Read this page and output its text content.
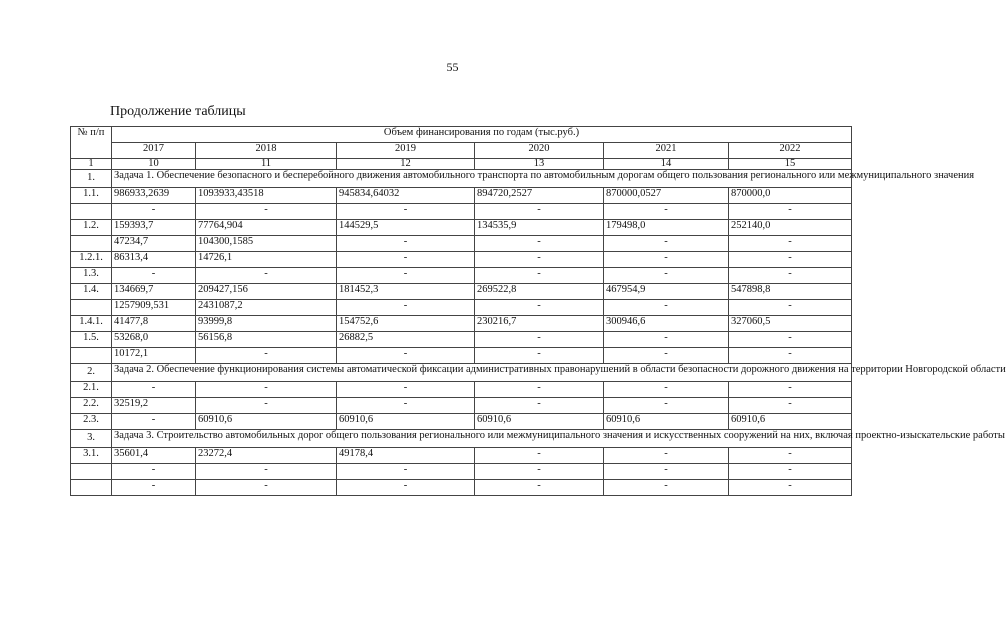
55
Продолжение таблицы
№ п/п	Объем финансирования по годам (тыс.руб.)					
	2017	2018	2019	2020	2021	2022
1	10	11	12	13	14	15
1.	Задача 1. Обеспечение безопасного и бесперебойного движения автомобильного транспорта по автомобильным дорогам общего пользования регионального или межмуниципального значения					
1.1.	986933,2639	1093933,43518	945834,64032	894720,2527	870000,0527	870000,0
	-	-	-	-	-	-
1.2.	159393,7	77764,904	144529,5	134535,9	179498,0	252140,0
	47234,7	104300,1585	-	-	-	-
1.2.1.	86313,4	14726,1	-	-	-	-
1.3.	-	-	-	-	-	-
1.4.	134669,7	209427,156	181452,3	269522,8	467954,9	547898,8
	1257909,531	2431087,2	-	-	-	-
1.4.1.	41477,8	93999,8	154752,6	230216,7	300946,6	327060,5
1.5.	53268,0	56156,8	26882,5	-	-	-
	10172,1	-	-	-	-	-
2.	Задача 2. Обеспечение функционирования системы автоматической фиксации административных правонарушений в области безопасности дорожного движения на территории Новгородской области					
2.1.	-	-	-	-	-	-
2.2.	32519,2	-	-	-	-	-
2.3.	-	60910,6	60910,6	60910,6	60910,6	60910,6
3.	Задача 3. Строительство автомобильных дорог общего пользования регионального или межмуниципального значения и искусственных сооружений на них, включая проектно-изыскательские работы					
3.1.	35601,4	23272,4	49178,4	-	-	-
	-	-	-	-	-	-
	-	-	-	-	-	-
